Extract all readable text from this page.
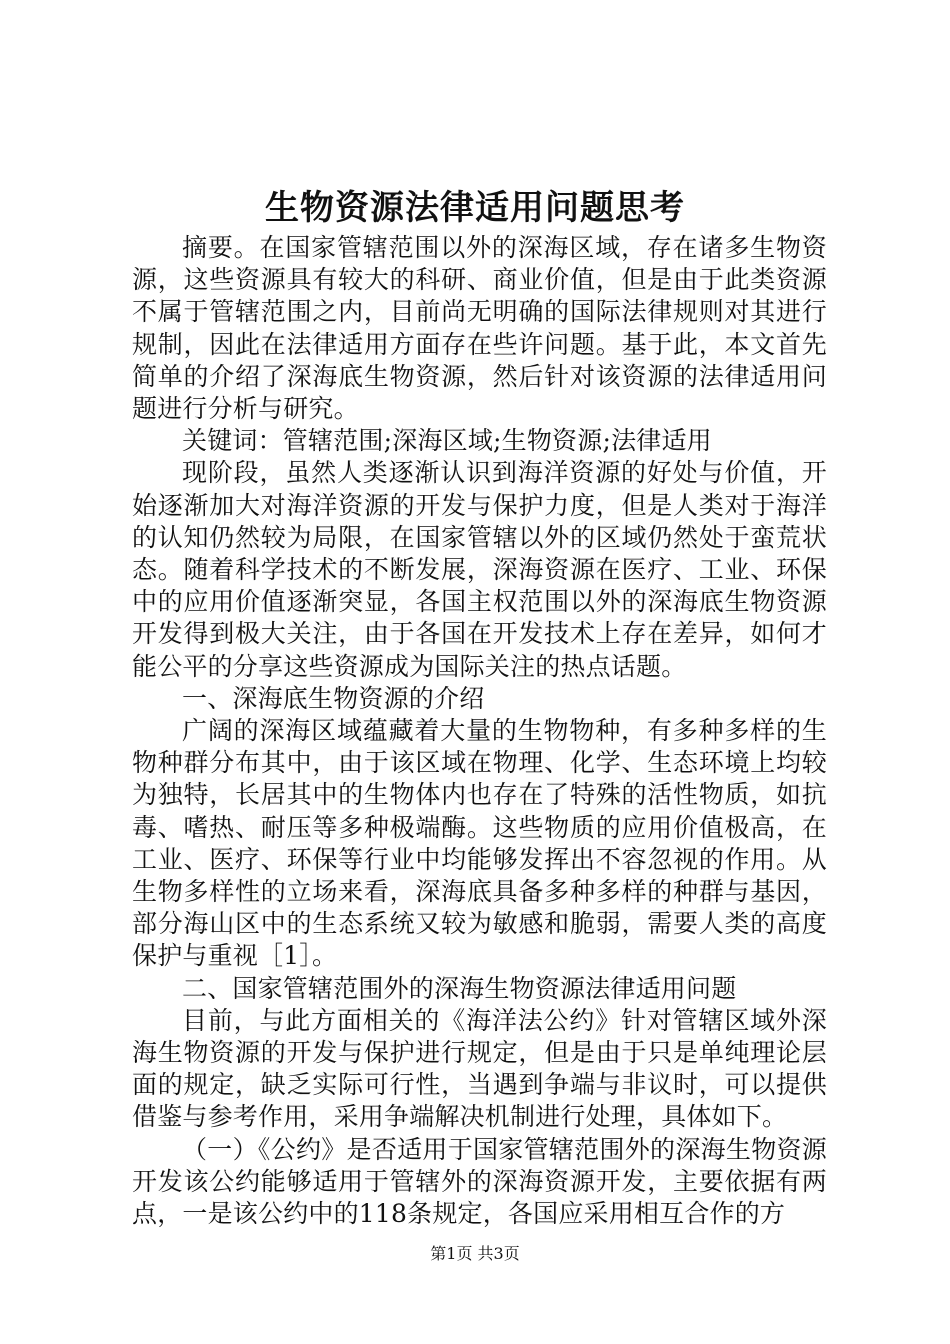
生物资源法律适用问题思考

摘要。在国家管辖范围以外的深海区域，存在诸多生物资源，这些资源具有较大的科研、商业价值，但是由于此类资源不属于管辖范围之内，目前尚无明确的国际法律规则对其进行规制，因此在法律适用方面存在些许问题。基于此，本文首先简单的介绍了深海底生物资源，然后针对该资源的法律适用问题进行分析与研究。

关键词：管辖范围;深海区域;生物资源;法律适用

现阶段，虽然人类逐渐认识到海洋资源的好处与价值，开始逐渐加大对海洋资源的开发与保护力度，但是人类对于海洋的认知仍然较为局限，在国家管辖以外的区域仍然处于蛮荒状态。随着科学技术的不断发展，深海资源在医疗、工业、环保中的应用价值逐渐突显，各国主权范围以外的深海底生物资源开发得到极大关注，由于各国在开发技术上存在差异，如何才能公平的分享这些资源成为国际关注的热点话题。

一、深海底生物资源的介绍

广阔的深海区域蕴藏着大量的生物物种，有多种多样的生物种群分布其中，由于该区域在物理、化学、生态环境上均较为独特，长居其中的生物体内也存在了特殊的活性物质，如抗毒、嗜热、耐压等多种极端酶。这些物质的应用价值极高，在工业、医疗、环保等行业中均能够发挥出不容忽视的作用。从生物多样性的立场来看，深海底具备多种多样的种群与基因，部分海山区中的生态系统又较为敏感和脆弱，需要人类的高度保护与重视［1］。

二、国家管辖范围外的深海生物资源法律适用问题

目前，与此方面相关的《海洋法公约》针对管辖区域外深海生物资源的开发与保护进行规定，但是由于只是单纯理论层面的规定，缺乏实际可行性，当遇到争端与非议时，可以提供借鉴与参考作用，采用争端解决机制进行处理，具体如下。

（一）《公约》是否适用于国家管辖范围外的深海生物资源开发该公约能够适用于管辖外的深海资源开发，主要依据有两点，一是该公约中的118条规定，各国应采用相互合作的方

第1页 共3页
